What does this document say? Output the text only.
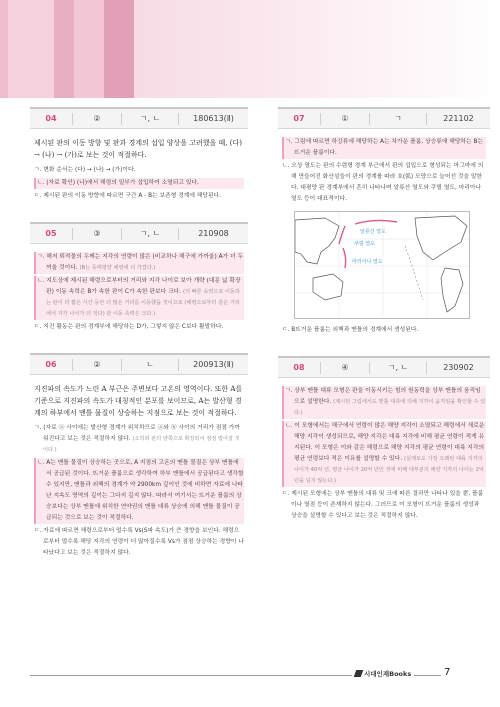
04	②	ㄱ, ㄴ	180613(Ⅱ)

제시된 판의 이동 방향 및 판과 경계의 섭입 양상을 고려했을 때, (다) → (나) → (가)로 보는 것이 적절하다.

ㄱ. 변화 순서는 (다) → (나) → (가)이다.

ㄴ. (자료 확인) (나)에서 해령의 일부가 섭입하여 소멸되고 있다.

ㄷ. 제시된 판의 이동 방향에 따르면 구간 A - B는 보존형 경계에 해당된다.

05	③	ㄱ, ㄴ	210908
ㄱ. 해저 퇴적물의 두께는 지각의 연령이 많은 (비교하나 해구에 가까울) A가 더 두꺼울 것이다. (B는 동태평양 해령에 더 가깝다.)
ㄴ. 지도상에 제시된 해령으로부터의 거리와 지각 나이로 보아 개략 (대문 넓 확장 판) 이동 속력은 B가 속한 판이 C가 속한 판보다 크다. (더 빠른 속력으로 이동하는 판이 더 짧은 시간 동안 더 많은 거리를 이동했을 것이므로 (해령으로부터 같은 거리에서 지각 나이가 더 적다) 판 이동 속력은 크다.)

ㄷ. 지진 활동은 판의 경계부에 해당하는 D가, 그렇지 않은 C보다 활발하다.

06	②	ㄴ	200913(Ⅱ)

지진파의 속도가 느린 A 부근은 주변보다 고온의 영역이다. 또한 A를 기준으로 지진파의 속도가 대칭적인 분포를 보이므로, A는 발산형 경계의 하부에서 맨틀 물질이 상승하는 지점으로 보는 것이 적절하다.

ㄱ. (자료 ⓐ 사이에는 발산형 경계가 위치하므로 ⓐ와 ⓑ 사이의 거리가 점점 가까워진다고 보는 것은 적절하지 않다. (오히려 판의 양쪽으로 확장되어 점점 멀어질 것이다.)

ㄴ. A는 맨틀 물질이 상승하는 곳으로, A 지점의 고온의 맨틀 물질은 상부 맨틀에서 공급된 것이다. 뜨거운 플룸으로 생각하여 하부 맨틀에서 공급된다고 생각할 수 있지만, 맨틀과 외핵의 경계가 약 2900km 깊이인 것에 비하면 자료에 나타난 지속도 영역의 깊이는 그다지 깊지 않다. 따라서 여기서는 뜨거운 플룸의 상승보다는 상부 맨틀에 위치한 연약권의 맨틀 대류 상승에 의해 맨틀 물질이 공급되는 것으로 보는 것이 적절하다.

ㄷ. 자료에 따르면 해령으로부터 멀수록 Vs(S파 속도)가 큰 경향을 보인다. 해령으로부터 멀수록 해당 지각의 연령이 더 많아질수록 Vs가 점점 상승하는 경향이 나타났다고 보는 것은 적절하지 않다.

07	①	ㄱ	221102

ㄱ. 그림에 따르면 하강류에 해당하는 A는 차가운 플룸, 상승류에 해당하는 B는 뜨거운 플룸이다.

ㄴ. 오상 열도는 판의 수렴형 경계 부근에서 판의 섭입으로 형성되는 마그마에 의해 만들어진 화산섬들이 판의 경계를 따라 호(弧) 모양으로 늘어선 것을 말한다. 대평양 판 경계부에서 흔히 나타나며 알류산 열도와 쿠릴 열도, 마리아나 열도 등이 대표적이다.

알류산 열도
쿠릴 열도
마리아나 열도

ㄷ. B뜨거운 플룸는 외핵과 맨틀의 경계에서 생성된다.

08	④	ㄱ, ㄴ	230902
ㄱ. 상부 맨틀 대류 모형은 판을 이동시키는 힘의 원동력을 상부 맨틀의 움직임으로 설명한다. (제시된 그림에서도 맨틀 대류에 의해 지각이 움직임을 확인할 수 있다.)
ㄴ. 이 모형에서는 해구에서 연령이 많은 해양 지각이 소멸되고 해령에서 새로운 해양 지각이 생성되므로, 해양 지각은 대륙 지각에 비해 평균 연령이 적게 유지된다. 이 모형은 이와 같은 해령으로 해양 지각의 평균 연령이 대륙 지각의 평균 연령보다 적은 이유를 설명할 수 있다. (실제로도 가장 오래된 대륙 지각의 나이가 40억 년, 평균 나이가 20억 년인 것에 비해 대부분의 해양 지각의 나이는 2억 년을 넘지 않는다.)

ㄷ. 제시된 모형에는 상부 맨틀의 대류 및 크에 따른 결과만 나타나 있을 뿐, 플룸이나 열점 등이 존재하지 않는다. 그러므로 이 모형이 뜨거운 플룸의 생성과 상승을 설명할 수 있다고 보는 것은 적절하지 않다.

시대인재Books	7
